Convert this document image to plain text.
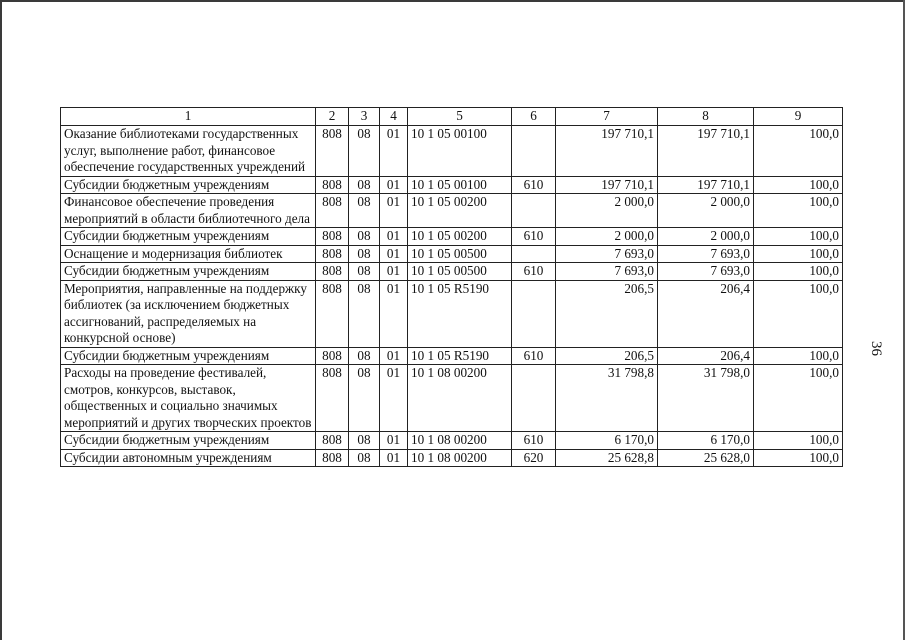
1	2	3	4	5	6	7	8	9
Оказание библиотеками государственных услуг, выполнение работ, финансовое обеспечение государственных учреждений	808	08	01	10 1 05 00100		197 710,1	197 710,1	100,0
Субсидии бюджетным учреждениям	808	08	01	10 1 05 00100	610	197 710,1	197 710,1	100,0
Финансовое обеспечение проведения мероприятий в области библиотечного дела	808	08	01	10 1 05 00200		2 000,0	2 000,0	100,0
Субсидии бюджетным учреждениям	808	08	01	10 1 05 00200	610	2 000,0	2 000,0	100,0
Оснащение и модернизация библиотек	808	08	01	10 1 05 00500		7 693,0	7 693,0	100,0
Субсидии бюджетным учреждениям	808	08	01	10 1 05 00500	610	7 693,0	7 693,0	100,0
Мероприятия, направленные на поддержку библиотек (за исключением бюджетных ассигнований, распределяемых на конкурсной основе)	808	08	01	10 1 05 R5190		206,5	206,4	100,0
Субсидии бюджетным учреждениям	808	08	01	10 1 05 R5190	610	206,5	206,4	100,0
Расходы на проведение фестивалей, смотров, конкурсов, выставок, общественных и социально значимых мероприятий и других творческих проектов	808	08	01	10 1 08 00200		31 798,8	31 798,0	100,0
Субсидии бюджетным учреждениям	808	08	01	10 1 08 00200	610	6 170,0	6 170,0	100,0
Субсидии автономным учреждениям	808	08	01	10 1 08 00200	620	25 628,8	25 628,0	100,0
36
